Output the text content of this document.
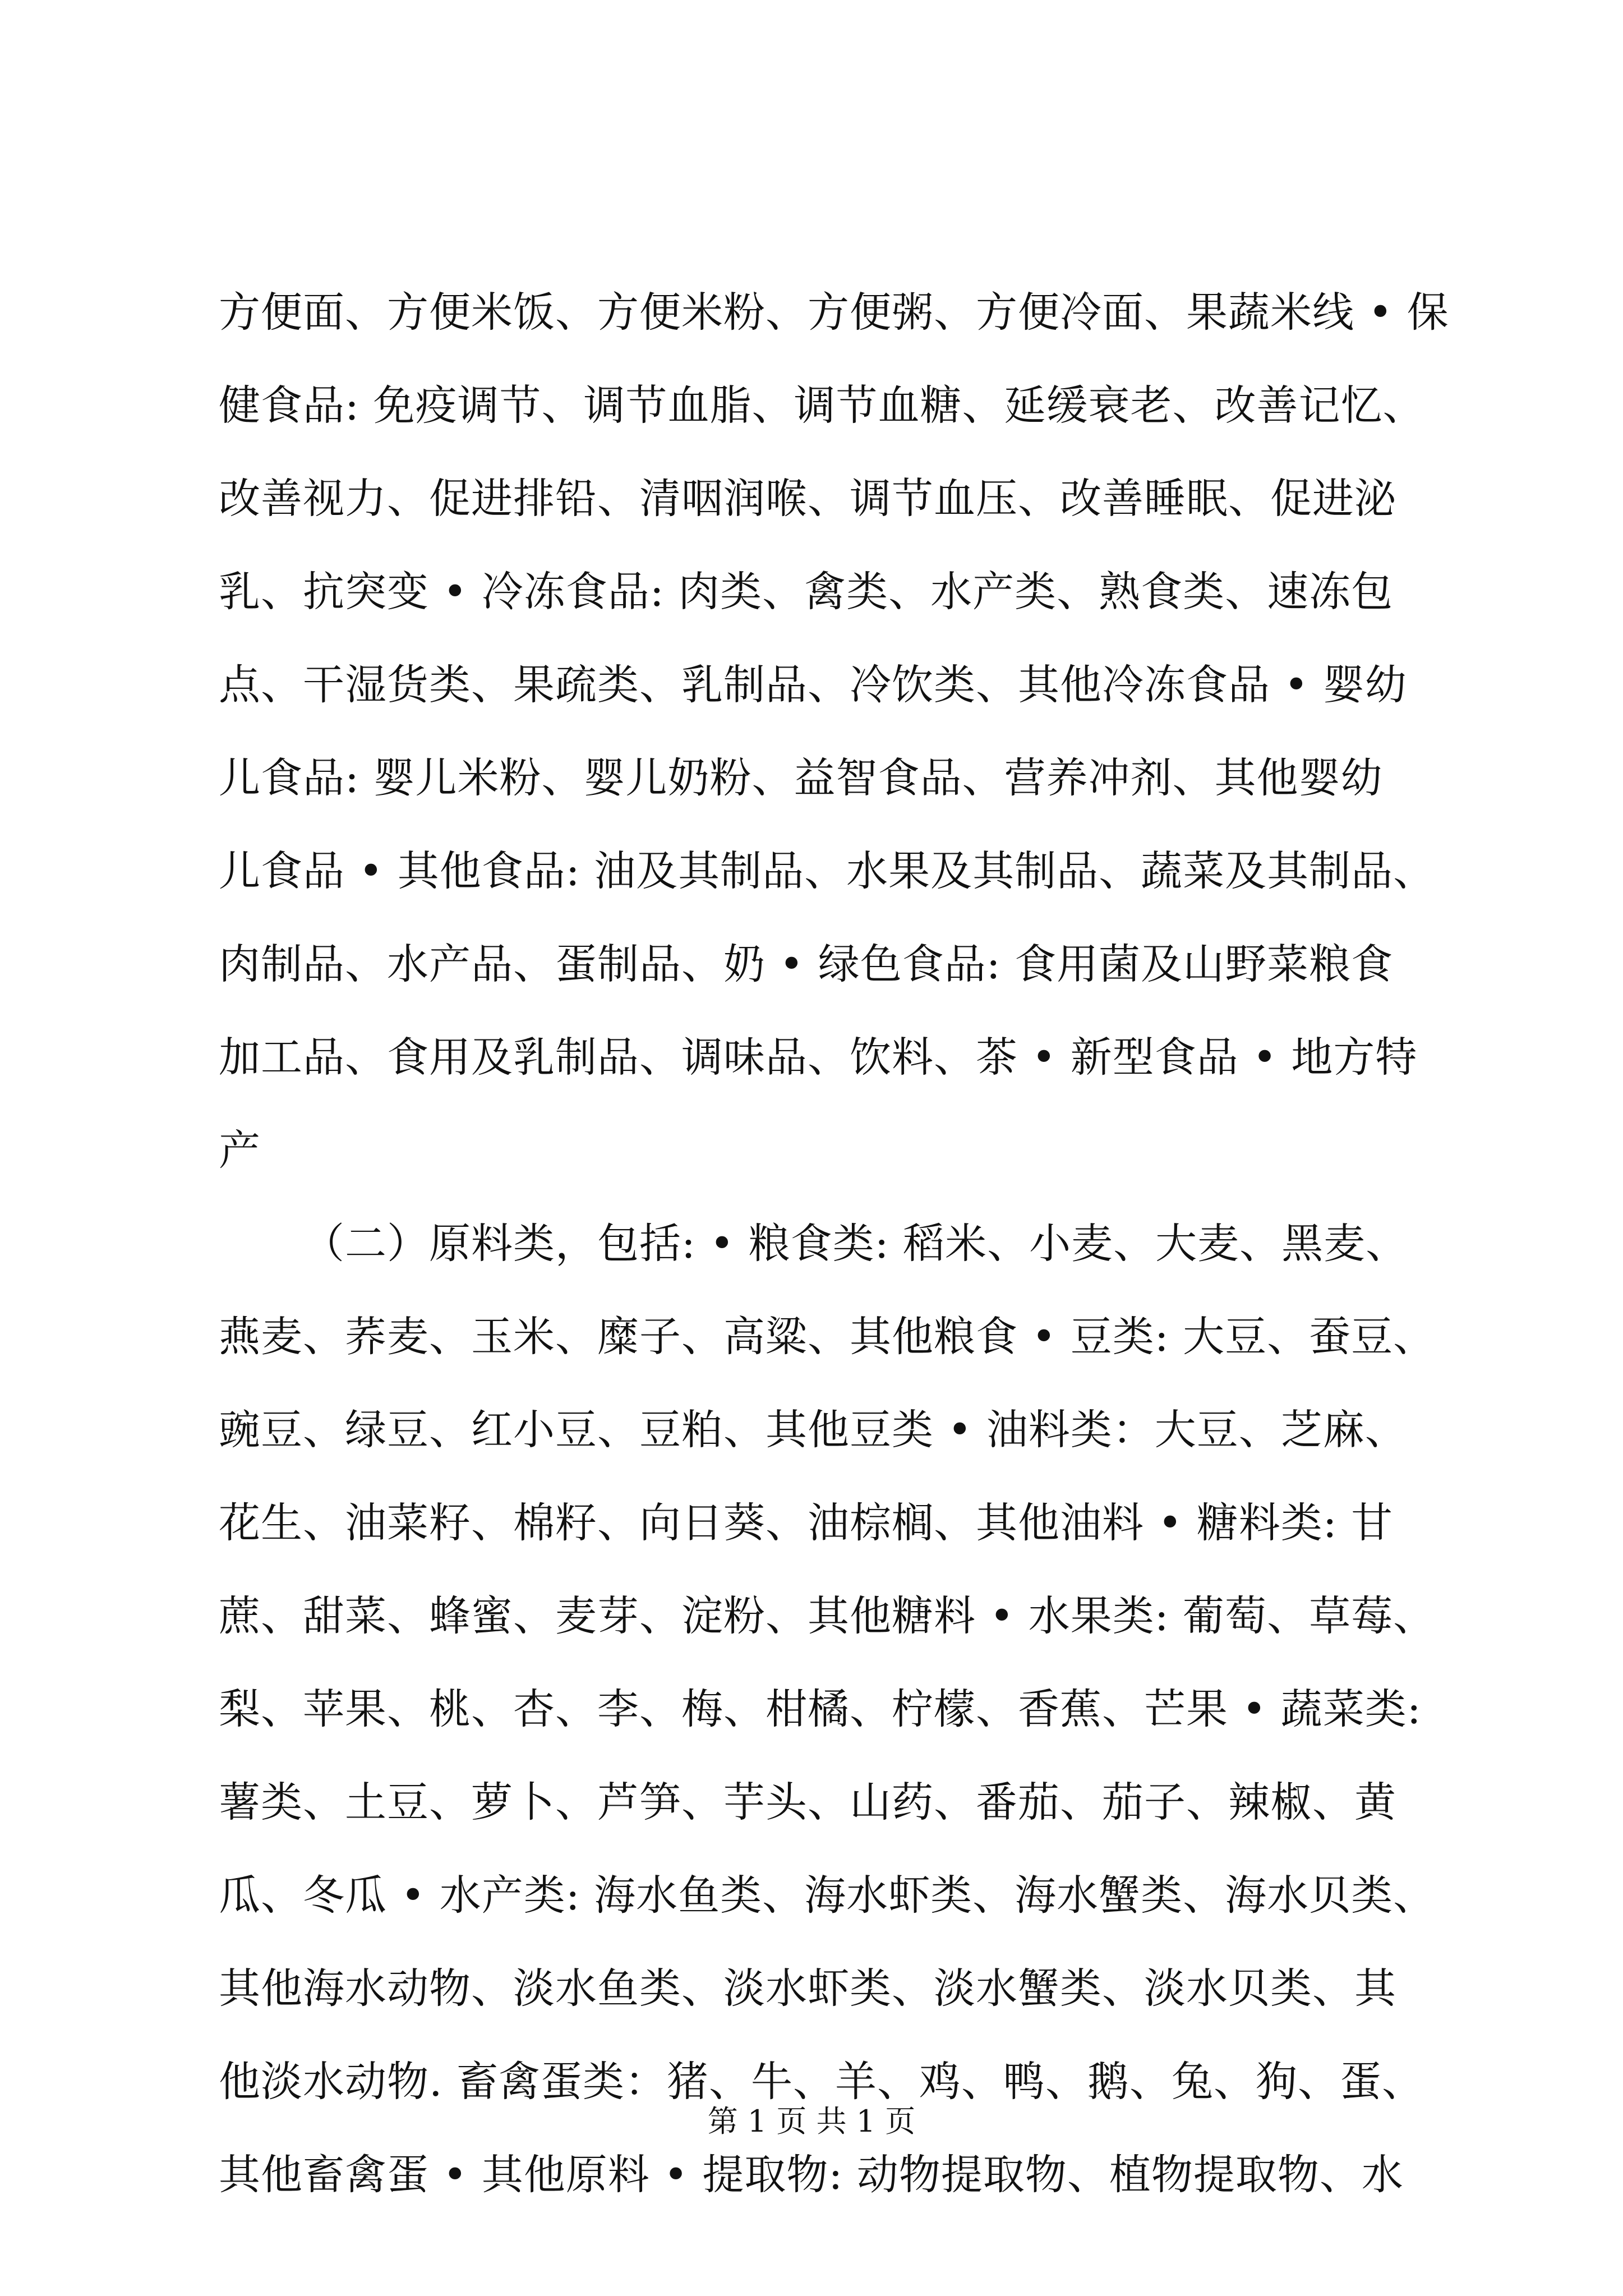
方便面、方便米饭、方便米粉、方便粥、方便冷面、果蔬米线 • 保
健食品: 免疫调节、调节血脂、调节血糖、延缓衰老、改善记忆、
改善视力、促进排铅、清咽润喉、调节血压、改善睡眠、促进泌
乳、抗突变 • 冷冻食品: 肉类、禽类、水产类、熟食类、速冻包
点、干湿货类、果疏类、乳制品、冷饮类、其他冷冻食品 • 婴幼
儿食品: 婴儿米粉、婴儿奶粉、益智食品、营养冲剂、其他婴幼
儿食品 • 其他食品: 油及其制品、水果及其制品、蔬菜及其制品、
肉制品、水产品、蛋制品、奶 • 绿色食品: 食用菌及山野菜粮食
加工品、食用及乳制品、调味品、饮料、茶 • 新型食品 • 地方特
产
（二）原料类，包括: • 粮食类: 稻米、小麦、大麦、黑麦、
燕麦、荞麦、玉米、糜子、高粱、其他粮食 • 豆类: 大豆、蚕豆、
豌豆、绿豆、红小豆、豆粕、其他豆类 • 油料类：大豆、芝麻、
花生、油菜籽、棉籽、向日葵、油棕榈、其他油料 • 糖料类: 甘
蔗、甜菜、蜂蜜、麦芽、淀粉、其他糖料 • 水果类: 葡萄、草莓、
梨、苹果、桃、杏、李、梅、柑橘、柠檬、香蕉、芒果 • 蔬菜类:
薯类、土豆、萝卜、芦笋、芋头、山药、番茄、茄子、辣椒、黄
瓜、冬瓜 • 水产类: 海水鱼类、海水虾类、海水蟹类、海水贝类、
其他海水动物、淡水鱼类、淡水虾类、淡水蟹类、淡水贝类、其
他淡水动物. 畜禽蛋类：猪、牛、羊、鸡、鸭、鹅、兔、狗、蛋、
其他畜禽蛋 • 其他原料 • 提取物: 动物提取物、植物提取物、水
第 1 页 共 1 页
